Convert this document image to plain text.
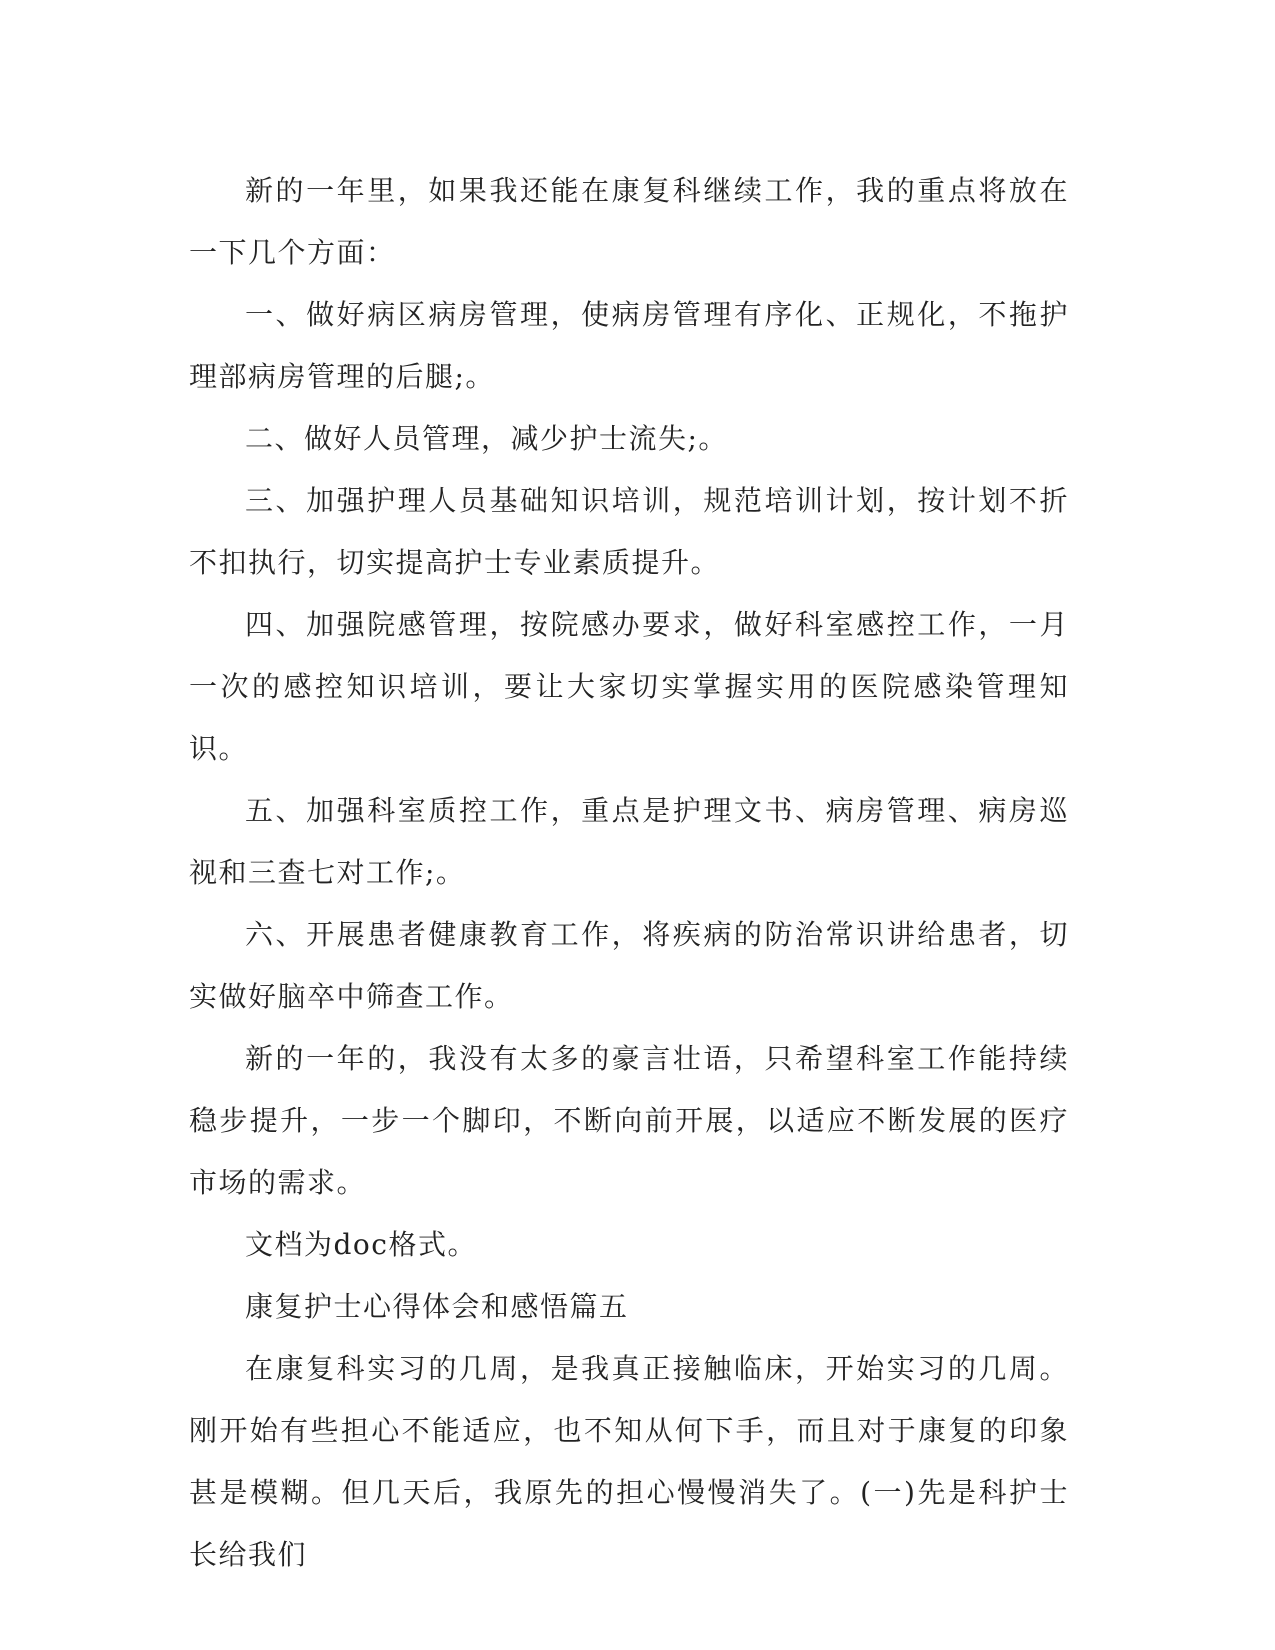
新的一年里，如果我还能在康复科继续工作，我的重点将放在一下几个方面：

一、做好病区病房管理，使病房管理有序化、正规化，不拖护理部病房管理的后腿;。

二、做好人员管理，减少护士流失;。

三、加强护理人员基础知识培训，规范培训计划，按计划不折不扣执行，切实提高护士专业素质提升。

四、加强院感管理，按院感办要求，做好科室感控工作，一月一次的感控知识培训，要让大家切实掌握实用的医院感染管理知识。

五、加强科室质控工作，重点是护理文书、病房管理、病房巡视和三查七对工作;。

六、开展患者健康教育工作，将疾病的防治常识讲给患者，切实做好脑卒中筛查工作。

新的一年的，我没有太多的豪言壮语，只希望科室工作能持续稳步提升，一步一个脚印，不断向前开展，以适应不断发展的医疗市场的需求。

文档为doc格式。

康复护士心得体会和感悟篇五

在康复科实习的几周，是我真正接触临床，开始实习的几周。刚开始有些担心不能适应，也不知从何下手，而且对于康复的印象甚是模糊。但几天后，我原先的担心慢慢消失了。(一)先是科护士长给我们
